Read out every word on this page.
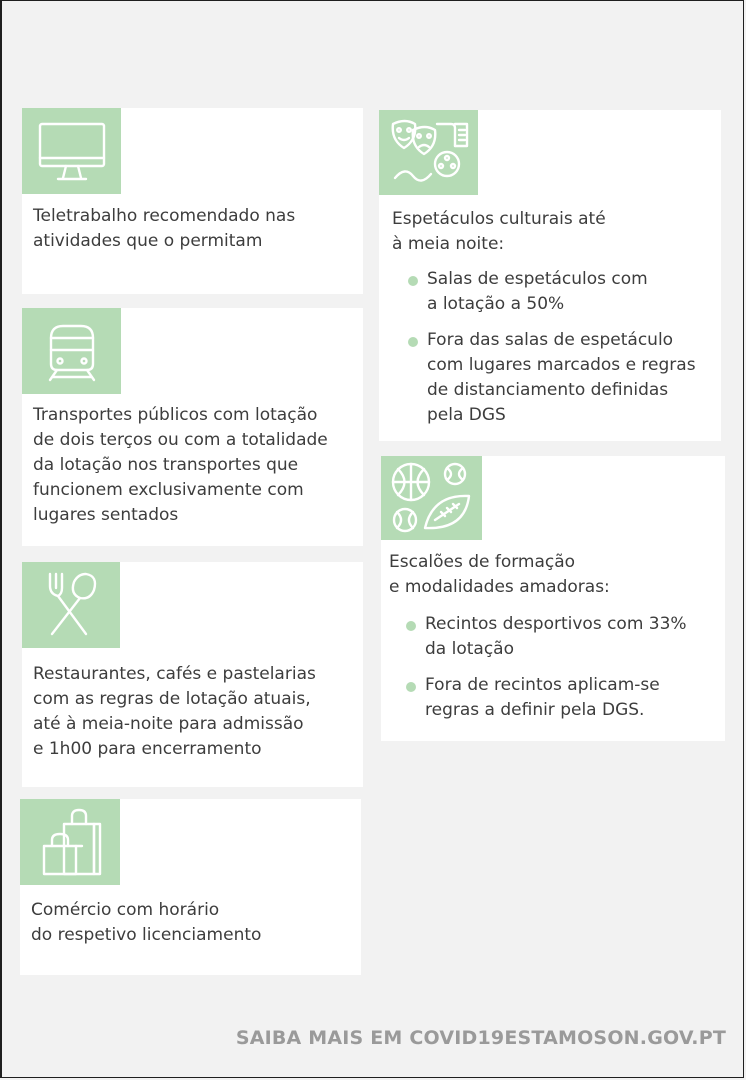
Teletrabalho recomendado nas
atividades que o permitam
Transportes públicos com lotação
de dois terços ou com a totalidade
da lotação nos transportes que
funcionem exclusivamente com
lugares sentados
Restaurantes, cafés e pastelarias
com as regras de lotação atuais,
até à meia-noite para admissão
e 1h00 para encerramento
Comércio com horário
do respetivo licenciamento
Espetáculos culturais até
à meia noite:
Salas de espetáculos com
a lotação a 50%
Fora das salas de espetáculo
com lugares marcados e regras
de distanciamento definidas
pela DGS
Escalões de formação
e modalidades amadoras:
Recintos desportivos com 33%
da lotação
Fora de recintos aplicam-se
regras a definir pela DGS.
SAIBA MAIS EM COVID19ESTAMOSON.GOV.PT
